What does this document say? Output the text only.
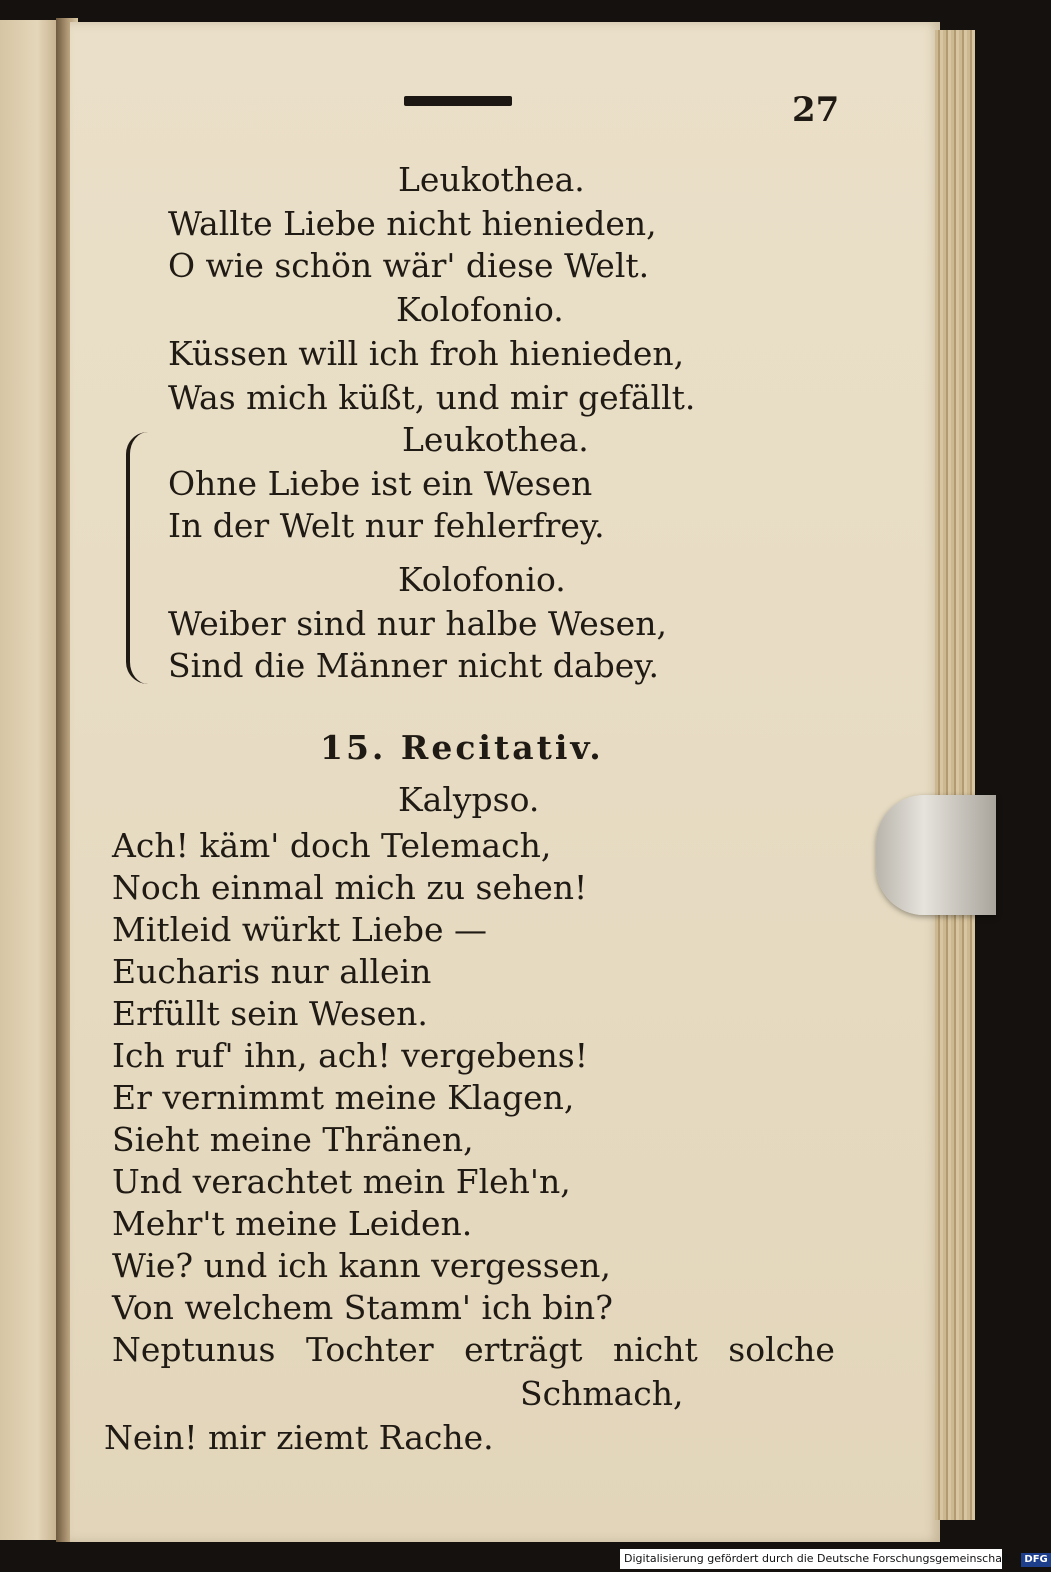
27
Leukothea.
Wallte Liebe nicht hienieden,
O wie schön wär' diese Welt.
Kolofonio.
Küssen will ich froh hienieden,
Was mich küßt, und mir gefällt.
Leukothea.
Ohne Liebe ist ein Wesen
In der Welt nur fehlerfrey.
Kolofonio.
Weiber sind nur halbe Wesen,
Sind die Männer nicht dabey.
15. Recitativ.
Kalypso.
Ach! käm' doch Telemach,
Noch einmal mich zu sehen!
Mitleid würkt Liebe —
Eucharis nur allein
Erfüllt sein Wesen.
Ich ruf' ihn, ach! vergebens!
Er vernimmt meine Klagen,
Sieht meine Thränen,
Und verachtet mein Fleh'n,
Mehr't meine Leiden.
Wie? und ich kann vergessen,
Von welchem Stamm' ich bin?
Neptunus Tochter erträgt nicht solche
Schmach,
Nein! mir ziemt Rache.
Digitalisierung gefördert durch die Deutsche Forschungsgemeinschaft - DFG
